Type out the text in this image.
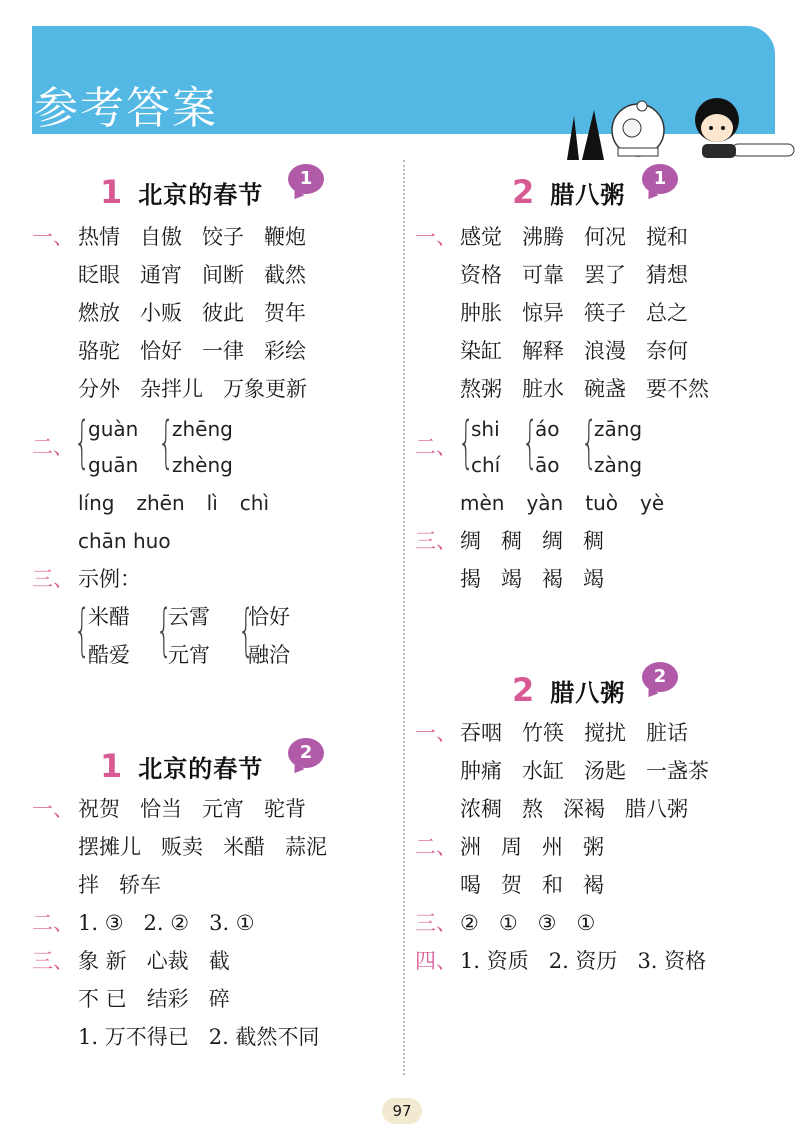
参考答案
1 北京的春节
1
一、 热情 自傲 饺子 鞭炮
眨眼 通宵 间断 截然
燃放 小贩 彼此 贺年
骆驼 恰好 一律 彩绘
分外 杂拌儿 万象更新
二、 {
guàn
guān {
zhēng
zhèng
líng zhēn lì chì
chān huo
三、 示例：
{
米醋
酷爱 {
云霄
元宵 {
恰好
融洽
1 北京的春节
2
一、 祝贺 恰当 元宵 驼背
摆摊儿 贩卖 米醋 蒜泥
拌 轿车
二、 1. ③ 2. ② 3. ①
三、 象 新 心裁 截
不 已 结彩 碎
1. 万不得已 2. 截然不同
2 腊八粥
1
一、 感觉 沸腾 何况 搅和
资格 可靠 罢了 猜想
肿胀 惊异 筷子 总之
染缸 解释 浪漫 奈何
熬粥 脏水 碗盏 要不然
二、 {
shi
chí {
áo
āo {
zāng
zàng
mèn yàn tuò yè
三、 绸 稠 绸 稠
揭 竭 褐 竭
2 腊八粥
2
一、 吞咽 竹筷 搅扰 脏话
肿痛 水缸 汤匙 一盏茶
浓稠 熬 深褐 腊八粥
二、 洲 周 州 粥
喝 贺 和 褐
三、 ② ① ③ ①
四、 1. 资质 2. 资历 3. 资格
97
